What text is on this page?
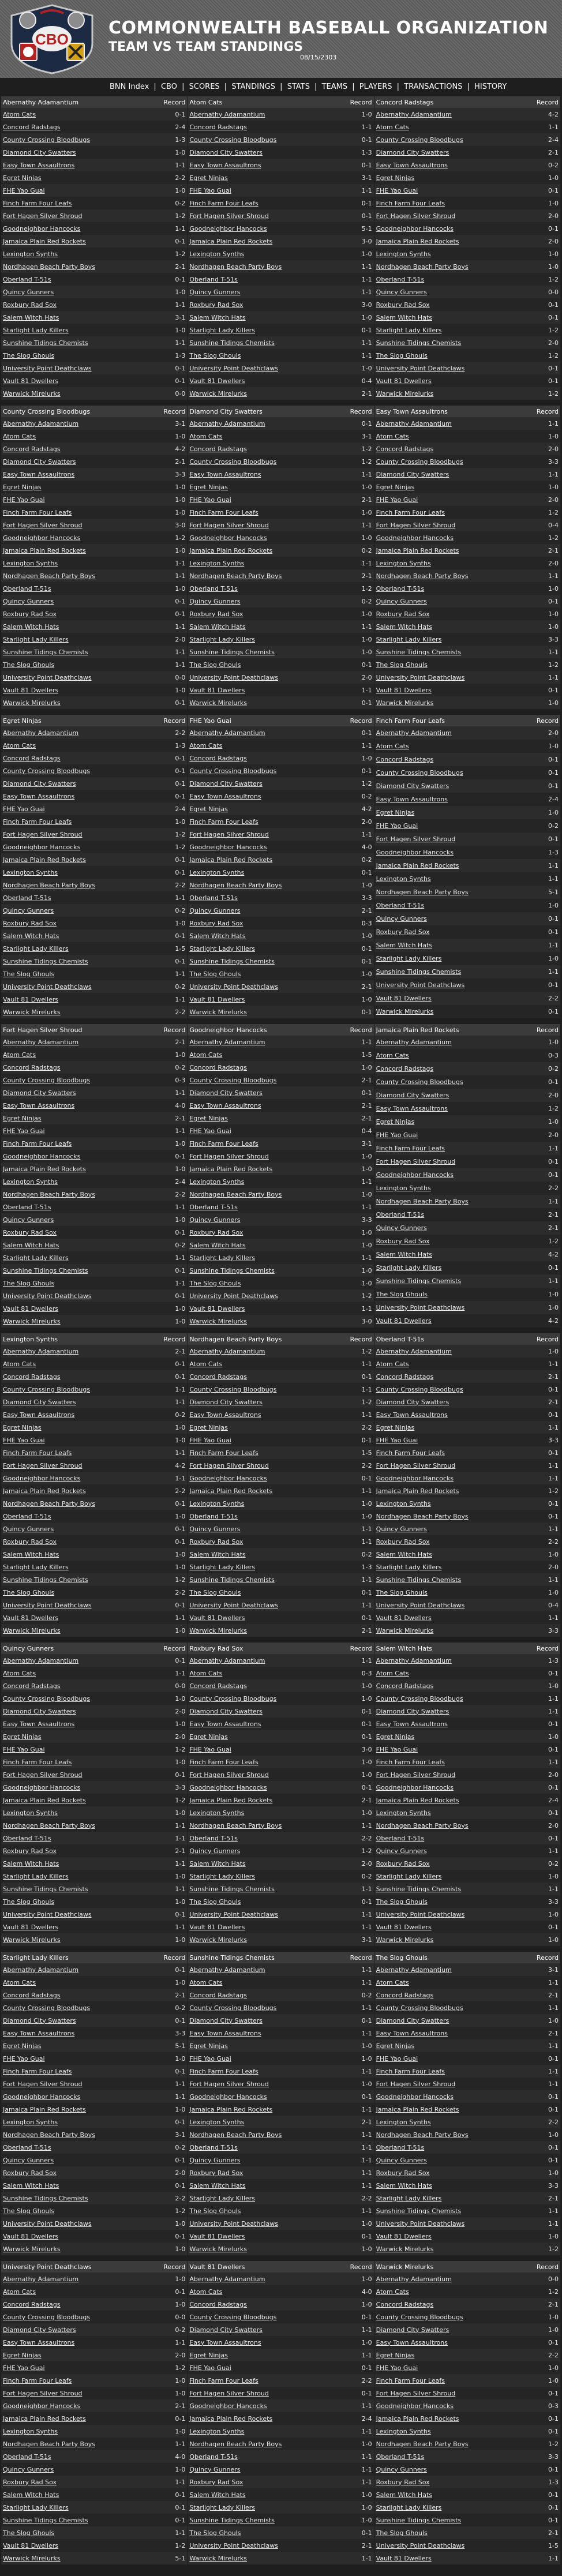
CBO
COMMONWEALTH BASEBALL ORGANIZATION
TEAM VS TEAM STANDINGS
08/15/2303
BNN Index | CBO | SCORES | STANDINGS | STATS | TEAMS | PLAYERS | TRANSACTIONS | HISTORY
Abernathy Adamantium	Record
Atom Cats	0-1
Concord Radstags	2-4
County Crossing Bloodbugs	1-3
Diamond City Swatters	1-0
Easy Town Assaultrons	1-1
Egret Ninjas	2-2
FHE Yao Guai	1-0
Finch Farm Four Leafs	0-2
Fort Hagen Silver Shroud	1-2
Goodneighbor Hancocks	1-1
Jamaica Plain Red Rockets	0-1
Lexington Synths	1-2
Nordhagen Beach Party Boys	2-1
Oberland T-51s	0-1
Quincy Gunners	1-0
Roxbury Rad Sox	1-1
Salem Witch Hats	3-1
Starlight Lady Killers	1-0
Sunshine Tidings Chemists	1-1
The Slog Ghouls	1-3
University Point Deathclaws	0-1
Vault 81 Dwellers	0-1
Warwick Mirelurks	0-0
Atom Cats	Record
Abernathy Adamantium	1-0
Concord Radstags	1-1
County Crossing Bloodbugs	0-1
Diamond City Swatters	1-3
Easy Town Assaultrons	0-1
Egret Ninjas	3-1
FHE Yao Guai	1-1
Finch Farm Four Leafs	0-1
Fort Hagen Silver Shroud	0-1
Goodneighbor Hancocks	5-1
Jamaica Plain Red Rockets	3-0
Lexington Synths	1-0
Nordhagen Beach Party Boys	1-1
Oberland T-51s	1-1
Quincy Gunners	1-1
Roxbury Rad Sox	3-0
Salem Witch Hats	1-0
Starlight Lady Killers	0-1
Sunshine Tidings Chemists	1-1
The Slog Ghouls	1-1
University Point Deathclaws	1-0
Vault 81 Dwellers	0-4
Warwick Mirelurks	2-1
Concord Radstags	Record
Abernathy Adamantium	4-2
Atom Cats	1-1
County Crossing Bloodbugs	2-4
Diamond City Swatters	2-1
Easy Town Assaultrons	0-2
Egret Ninjas	1-0
FHE Yao Guai	0-1
Finch Farm Four Leafs	1-0
Fort Hagen Silver Shroud	2-0
Goodneighbor Hancocks	0-1
Jamaica Plain Red Rockets	2-0
Lexington Synths	1-0
Nordhagen Beach Party Boys	1-0
Oberland T-51s	1-2
Quincy Gunners	0-0
Roxbury Rad Sox	0-1
Salem Witch Hats	0-1
Starlight Lady Killers	1-2
Sunshine Tidings Chemists	2-0
The Slog Ghouls	1-2
University Point Deathclaws	0-1
Vault 81 Dwellers	0-1
Warwick Mirelurks	1-2
County Crossing Bloodbugs	Record
Abernathy Adamantium	3-1
Atom Cats	1-0
Concord Radstags	4-2
Diamond City Swatters	2-1
Easy Town Assaultrons	3-3
Egret Ninjas	1-0
FHE Yao Guai	1-0
Finch Farm Four Leafs	1-0
Fort Hagen Silver Shroud	3-0
Goodneighbor Hancocks	1-2
Jamaica Plain Red Rockets	1-0
Lexington Synths	1-1
Nordhagen Beach Party Boys	1-1
Oberland T-51s	1-0
Quincy Gunners	0-1
Roxbury Rad Sox	0-1
Salem Witch Hats	1-1
Starlight Lady Killers	2-0
Sunshine Tidings Chemists	1-1
The Slog Ghouls	1-1
University Point Deathclaws	0-0
Vault 81 Dwellers	1-0
Warwick Mirelurks	0-1
Diamond City Swatters	Record
Abernathy Adamantium	0-1
Atom Cats	3-1
Concord Radstags	1-2
County Crossing Bloodbugs	1-2
Easy Town Assaultrons	1-1
Egret Ninjas	1-0
FHE Yao Guai	2-1
Finch Farm Four Leafs	1-0
Fort Hagen Silver Shroud	1-1
Goodneighbor Hancocks	1-0
Jamaica Plain Red Rockets	0-2
Lexington Synths	1-1
Nordhagen Beach Party Boys	2-1
Oberland T-51s	1-2
Quincy Gunners	0-2
Roxbury Rad Sox	1-0
Salem Witch Hats	1-1
Starlight Lady Killers	1-0
Sunshine Tidings Chemists	1-0
The Slog Ghouls	0-1
University Point Deathclaws	2-0
Vault 81 Dwellers	1-1
Warwick Mirelurks	0-1
Easy Town Assaultrons	Record
Abernathy Adamantium	1-1
Atom Cats	1-0
Concord Radstags	2-0
County Crossing Bloodbugs	3-3
Diamond City Swatters	1-1
Egret Ninjas	1-0
FHE Yao Guai	2-0
Finch Farm Four Leafs	1-2
Fort Hagen Silver Shroud	0-4
Goodneighbor Hancocks	1-2
Jamaica Plain Red Rockets	2-1
Lexington Synths	2-0
Nordhagen Beach Party Boys	1-1
Oberland T-51s	1-0
Quincy Gunners	0-1
Roxbury Rad Sox	1-0
Salem Witch Hats	1-0
Starlight Lady Killers	3-3
Sunshine Tidings Chemists	1-1
The Slog Ghouls	1-2
University Point Deathclaws	1-1
Vault 81 Dwellers	0-1
Warwick Mirelurks	1-0
Egret Ninjas	Record
Abernathy Adamantium	2-2
Atom Cats	1-3
Concord Radstags	0-1
County Crossing Bloodbugs	0-1
Diamond City Swatters	0-1
Easy Town Assaultrons	0-1
FHE Yao Guai	2-4
Finch Farm Four Leafs	1-0
Fort Hagen Silver Shroud	1-2
Goodneighbor Hancocks	1-2
Jamaica Plain Red Rockets	0-1
Lexington Synths	0-1
Nordhagen Beach Party Boys	2-2
Oberland T-51s	1-1
Quincy Gunners	0-2
Roxbury Rad Sox	1-0
Salem Witch Hats	0-1
Starlight Lady Killers	1-5
Sunshine Tidings Chemists	0-1
The Slog Ghouls	1-1
University Point Deathclaws	0-2
Vault 81 Dwellers	1-1
Warwick Mirelurks	2-2
FHE Yao Guai	Record
Abernathy Adamantium	0-1
Atom Cats	1-1
Concord Radstags	1-0
County Crossing Bloodbugs	0-1
Diamond City Swatters	1-2
Easy Town Assaultrons	0-2
Egret Ninjas	4-2
Finch Farm Four Leafs	2-0
Fort Hagen Silver Shroud	1-1
Goodneighbor Hancocks	4-0
Jamaica Plain Red Rockets	0-2
Lexington Synths	0-1
Nordhagen Beach Party Boys	1-0
Oberland T-51s	3-3
Quincy Gunners	2-1
Roxbury Rad Sox	0-3
Salem Witch Hats	1-0
Starlight Lady Killers	0-1
Sunshine Tidings Chemists	0-1
The Slog Ghouls	1-0
University Point Deathclaws	2-1
Vault 81 Dwellers	1-0
Warwick Mirelurks	0-1
Finch Farm Four Leafs	Record
Abernathy Adamantium	2-0
Atom Cats	1-0
Concord Radstags	0-1
County Crossing Bloodbugs	0-1
Diamond City Swatters	0-1
Easy Town Assaultrons	2-4
Egret Ninjas	1-0
FHE Yao Guai	0-2
Fort Hagen Silver Shroud	0-1
Goodneighbor Hancocks	1-3
Jamaica Plain Red Rockets	1-1
Lexington Synths	1-1
Nordhagen Beach Party Boys	5-1
Oberland T-51s	1-0
Quincy Gunners	0-1
Roxbury Rad Sox	0-1
Salem Witch Hats	1-1
Starlight Lady Killers	1-0
Sunshine Tidings Chemists	1-1
University Point Deathclaws	0-1
Vault 81 Dwellers	2-2
Warwick Mirelurks	0-1
Fort Hagen Silver Shroud	Record
Abernathy Adamantium	2-1
Atom Cats	1-0
Concord Radstags	0-2
County Crossing Bloodbugs	0-3
Diamond City Swatters	1-1
Easy Town Assaultrons	4-0
Egret Ninjas	2-1
FHE Yao Guai	1-1
Finch Farm Four Leafs	1-0
Goodneighbor Hancocks	0-1
Jamaica Plain Red Rockets	1-0
Lexington Synths	2-4
Nordhagen Beach Party Boys	2-2
Oberland T-51s	1-1
Quincy Gunners	1-0
Roxbury Rad Sox	0-1
Salem Witch Hats	0-2
Starlight Lady Killers	1-1
Sunshine Tidings Chemists	0-1
The Slog Ghouls	1-1
University Point Deathclaws	0-1
Vault 81 Dwellers	1-0
Warwick Mirelurks	1-0
Goodneighbor Hancocks	Record
Abernathy Adamantium	1-1
Atom Cats	1-5
Concord Radstags	1-0
County Crossing Bloodbugs	2-1
Diamond City Swatters	0-1
Easy Town Assaultrons	2-1
Egret Ninjas	2-1
FHE Yao Guai	0-4
Finch Farm Four Leafs	3-1
Fort Hagen Silver Shroud	1-0
Jamaica Plain Red Rockets	1-0
Lexington Synths	1-1
Nordhagen Beach Party Boys	1-0
Oberland T-51s	1-1
Quincy Gunners	3-3
Roxbury Rad Sox	1-0
Salem Witch Hats	1-0
Starlight Lady Killers	1-1
Sunshine Tidings Chemists	1-0
The Slog Ghouls	1-0
University Point Deathclaws	1-2
Vault 81 Dwellers	1-1
Warwick Mirelurks	3-0
Jamaica Plain Red Rockets	Record
Abernathy Adamantium	1-0
Atom Cats	0-3
Concord Radstags	0-2
County Crossing Bloodbugs	0-1
Diamond City Swatters	2-0
Easy Town Assaultrons	1-2
Egret Ninjas	1-0
FHE Yao Guai	2-0
Finch Farm Four Leafs	1-1
Fort Hagen Silver Shroud	0-1
Goodneighbor Hancocks	0-1
Lexington Synths	2-2
Nordhagen Beach Party Boys	1-1
Oberland T-51s	2-1
Quincy Gunners	2-1
Roxbury Rad Sox	1-2
Salem Witch Hats	4-2
Starlight Lady Killers	0-1
Sunshine Tidings Chemists	1-1
The Slog Ghouls	1-0
University Point Deathclaws	1-0
Vault 81 Dwellers	4-2
Lexington Synths	Record
Abernathy Adamantium	2-1
Atom Cats	0-1
Concord Radstags	0-1
County Crossing Bloodbugs	1-1
Diamond City Swatters	1-1
Easy Town Assaultrons	0-2
Egret Ninjas	1-0
FHE Yao Guai	1-0
Finch Farm Four Leafs	1-1
Fort Hagen Silver Shroud	4-2
Goodneighbor Hancocks	1-1
Jamaica Plain Red Rockets	2-2
Nordhagen Beach Party Boys	0-1
Oberland T-51s	1-0
Quincy Gunners	0-1
Roxbury Rad Sox	0-1
Salem Witch Hats	1-0
Starlight Lady Killers	1-0
Sunshine Tidings Chemists	1-2
The Slog Ghouls	2-2
University Point Deathclaws	0-1
Vault 81 Dwellers	1-1
Warwick Mirelurks	1-0
Nordhagen Beach Party Boys	Record
Abernathy Adamantium	1-2
Atom Cats	1-1
Concord Radstags	0-1
County Crossing Bloodbugs	1-1
Diamond City Swatters	1-2
Easy Town Assaultrons	1-1
Egret Ninjas	2-2
FHE Yao Guai	0-1
Finch Farm Four Leafs	1-5
Fort Hagen Silver Shroud	2-2
Goodneighbor Hancocks	0-1
Jamaica Plain Red Rockets	1-1
Lexington Synths	1-0
Oberland T-51s	1-0
Quincy Gunners	1-1
Roxbury Rad Sox	1-1
Salem Witch Hats	0-2
Starlight Lady Killers	1-3
Sunshine Tidings Chemists	1-1
The Slog Ghouls	0-1
University Point Deathclaws	1-1
Vault 81 Dwellers	0-1
Warwick Mirelurks	2-1
Oberland T-51s	Record
Abernathy Adamantium	1-0
Atom Cats	1-1
Concord Radstags	2-1
County Crossing Bloodbugs	0-1
Diamond City Swatters	2-1
Easy Town Assaultrons	0-1
Egret Ninjas	1-1
FHE Yao Guai	3-3
Finch Farm Four Leafs	0-1
Fort Hagen Silver Shroud	1-1
Goodneighbor Hancocks	1-1
Jamaica Plain Red Rockets	1-2
Lexington Synths	0-1
Nordhagen Beach Party Boys	0-1
Quincy Gunners	1-1
Roxbury Rad Sox	2-2
Salem Witch Hats	1-0
Starlight Lady Killers	2-0
Sunshine Tidings Chemists	1-1
The Slog Ghouls	1-0
University Point Deathclaws	0-4
Vault 81 Dwellers	1-1
Warwick Mirelurks	3-3
Quincy Gunners	Record
Abernathy Adamantium	0-1
Atom Cats	1-1
Concord Radstags	0-0
County Crossing Bloodbugs	1-0
Diamond City Swatters	2-0
Easy Town Assaultrons	1-0
Egret Ninjas	2-0
FHE Yao Guai	1-2
Finch Farm Four Leafs	1-0
Fort Hagen Silver Shroud	0-1
Goodneighbor Hancocks	3-3
Jamaica Plain Red Rockets	1-2
Lexington Synths	1-0
Nordhagen Beach Party Boys	1-1
Oberland T-51s	1-1
Roxbury Rad Sox	2-1
Salem Witch Hats	1-1
Starlight Lady Killers	1-0
Sunshine Tidings Chemists	1-1
The Slog Ghouls	1-0
University Point Deathclaws	0-1
Vault 81 Dwellers	1-1
Warwick Mirelurks	1-0
Roxbury Rad Sox	Record
Abernathy Adamantium	1-1
Atom Cats	0-3
Concord Radstags	1-0
County Crossing Bloodbugs	1-0
Diamond City Swatters	0-1
Easy Town Assaultrons	0-1
Egret Ninjas	0-1
FHE Yao Guai	3-0
Finch Farm Four Leafs	1-0
Fort Hagen Silver Shroud	1-0
Goodneighbor Hancocks	0-1
Jamaica Plain Red Rockets	2-1
Lexington Synths	1-0
Nordhagen Beach Party Boys	1-1
Oberland T-51s	2-2
Quincy Gunners	1-2
Salem Witch Hats	2-0
Starlight Lady Killers	0-2
Sunshine Tidings Chemists	1-1
The Slog Ghouls	0-1
University Point Deathclaws	1-1
Vault 81 Dwellers	1-1
Warwick Mirelurks	3-1
Salem Witch Hats	Record
Abernathy Adamantium	1-3
Atom Cats	0-1
Concord Radstags	1-0
County Crossing Bloodbugs	1-1
Diamond City Swatters	1-1
Easy Town Assaultrons	0-1
Egret Ninjas	1-0
FHE Yao Guai	0-1
Finch Farm Four Leafs	1-1
Fort Hagen Silver Shroud	2-0
Goodneighbor Hancocks	0-1
Jamaica Plain Red Rockets	2-4
Lexington Synths	0-1
Nordhagen Beach Party Boys	2-0
Oberland T-51s	0-1
Quincy Gunners	1-1
Roxbury Rad Sox	0-2
Starlight Lady Killers	1-0
Sunshine Tidings Chemists	1-1
The Slog Ghouls	3-3
University Point Deathclaws	1-0
Vault 81 Dwellers	0-1
Warwick Mirelurks	1-0
Starlight Lady Killers	Record
Abernathy Adamantium	0-1
Atom Cats	1-0
Concord Radstags	2-1
County Crossing Bloodbugs	0-2
Diamond City Swatters	0-1
Easy Town Assaultrons	3-3
Egret Ninjas	5-1
FHE Yao Guai	1-0
Finch Farm Four Leafs	0-1
Fort Hagen Silver Shroud	1-1
Goodneighbor Hancocks	1-1
Jamaica Plain Red Rockets	1-0
Lexington Synths	0-1
Nordhagen Beach Party Boys	3-1
Oberland T-51s	0-2
Quincy Gunners	0-1
Roxbury Rad Sox	2-0
Salem Witch Hats	0-1
Sunshine Tidings Chemists	2-2
The Slog Ghouls	1-2
University Point Deathclaws	1-0
Vault 81 Dwellers	0-1
Warwick Mirelurks	1-0
Sunshine Tidings Chemists	Record
Abernathy Adamantium	1-1
Atom Cats	1-1
Concord Radstags	0-2
County Crossing Bloodbugs	1-1
Diamond City Swatters	0-1
Easy Town Assaultrons	1-1
Egret Ninjas	1-0
FHE Yao Guai	1-0
Finch Farm Four Leafs	1-1
Fort Hagen Silver Shroud	1-0
Goodneighbor Hancocks	0-1
Jamaica Plain Red Rockets	1-1
Lexington Synths	2-1
Nordhagen Beach Party Boys	1-1
Oberland T-51s	1-1
Quincy Gunners	1-1
Roxbury Rad Sox	1-1
Salem Witch Hats	1-1
Starlight Lady Killers	2-2
The Slog Ghouls	1-1
University Point Deathclaws	1-0
Vault 81 Dwellers	0-1
Warwick Mirelurks	1-0
The Slog Ghouls	Record
Abernathy Adamantium	3-1
Atom Cats	1-1
Concord Radstags	2-1
County Crossing Bloodbugs	1-1
Diamond City Swatters	1-0
Easy Town Assaultrons	2-1
Egret Ninjas	1-1
FHE Yao Guai	0-1
Finch Farm Four Leafs	1-1
Fort Hagen Silver Shroud	1-1
Goodneighbor Hancocks	0-1
Jamaica Plain Red Rockets	0-1
Lexington Synths	2-2
Nordhagen Beach Party Boys	1-0
Oberland T-51s	0-1
Quincy Gunners	0-1
Roxbury Rad Sox	1-0
Salem Witch Hats	3-3
Starlight Lady Killers	2-1
Sunshine Tidings Chemists	1-1
University Point Deathclaws	1-1
Vault 81 Dwellers	1-0
Warwick Mirelurks	1-2
University Point Deathclaws	Record
Abernathy Adamantium	1-0
Atom Cats	0-1
Concord Radstags	1-0
County Crossing Bloodbugs	0-0
Diamond City Swatters	0-2
Easy Town Assaultrons	1-1
Egret Ninjas	2-0
FHE Yao Guai	1-2
Finch Farm Four Leafs	1-0
Fort Hagen Silver Shroud	1-0
Goodneighbor Hancocks	2-1
Jamaica Plain Red Rockets	0-1
Lexington Synths	1-0
Nordhagen Beach Party Boys	1-1
Oberland T-51s	4-0
Quincy Gunners	1-0
Roxbury Rad Sox	1-1
Salem Witch Hats	0-1
Starlight Lady Killers	0-1
Sunshine Tidings Chemists	0-1
The Slog Ghouls	1-1
Vault 81 Dwellers	1-2
Warwick Mirelurks	5-1
Vault 81 Dwellers	Record
Abernathy Adamantium	1-0
Atom Cats	4-0
Concord Radstags	1-0
County Crossing Bloodbugs	0-1
Diamond City Swatters	1-1
Easy Town Assaultrons	1-0
Egret Ninjas	1-1
FHE Yao Guai	0-1
Finch Farm Four Leafs	2-2
Fort Hagen Silver Shroud	0-1
Goodneighbor Hancocks	1-1
Jamaica Plain Red Rockets	2-4
Lexington Synths	1-1
Nordhagen Beach Party Boys	1-0
Oberland T-51s	1-1
Quincy Gunners	1-1
Roxbury Rad Sox	1-1
Salem Witch Hats	1-0
Starlight Lady Killers	1-0
Sunshine Tidings Chemists	1-0
The Slog Ghouls	0-1
University Point Deathclaws	2-1
Warwick Mirelurks	1-1
Warwick Mirelurks	Record
Abernathy Adamantium	0-0
Atom Cats	1-2
Concord Radstags	2-1
County Crossing Bloodbugs	1-0
Diamond City Swatters	1-0
Easy Town Assaultrons	0-1
Egret Ninjas	2-2
FHE Yao Guai	1-0
Finch Farm Four Leafs	1-0
Fort Hagen Silver Shroud	0-1
Goodneighbor Hancocks	0-3
Jamaica Plain Red Rockets	0-1
Lexington Synths	0-1
Nordhagen Beach Party Boys	1-2
Oberland T-51s	3-3
Quincy Gunners	0-1
Roxbury Rad Sox	1-3
Salem Witch Hats	0-1
Starlight Lady Killers	0-1
Sunshine Tidings Chemists	0-1
The Slog Ghouls	2-1
University Point Deathclaws	1-5
Vault 81 Dwellers	1-1
